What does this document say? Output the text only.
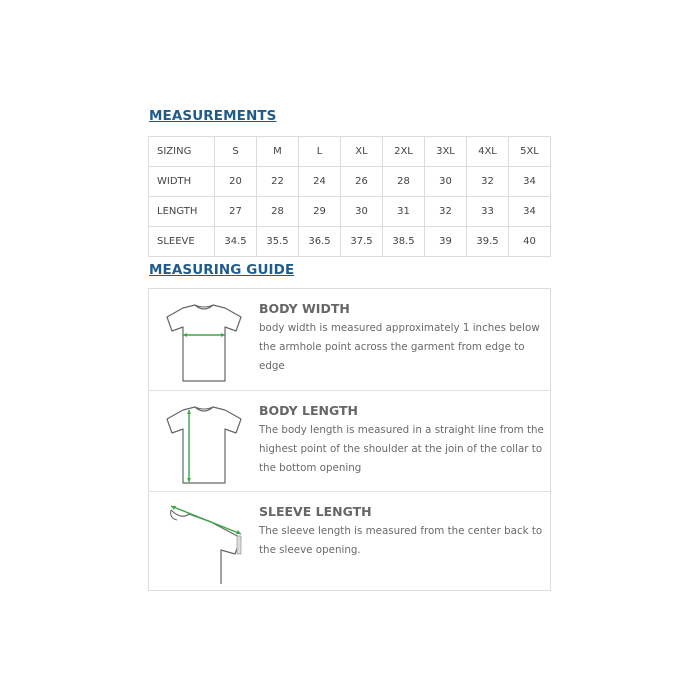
MEASUREMENTS
SIZING	S	M	L	XL	2XL	3XL	4XL	5XL
WIDTH	20	22	24	26	28	30	32	34
LENGTH	27	28	29	30	31	32	33	34
SLEEVE	34.5	35.5	36.5	37.5	38.5	39	39.5	40
MEASURING GUIDE
BODY WIDTH
body width is measured approximately 1 inches below the armhole point across the garment from edge to edge
BODY LENGTH
The body length is measured in a straight line from the highest point of the shoulder at the join of the collar to the bottom opening
SLEEVE LENGTH
The sleeve length is measured from the center back to the sleeve opening.
